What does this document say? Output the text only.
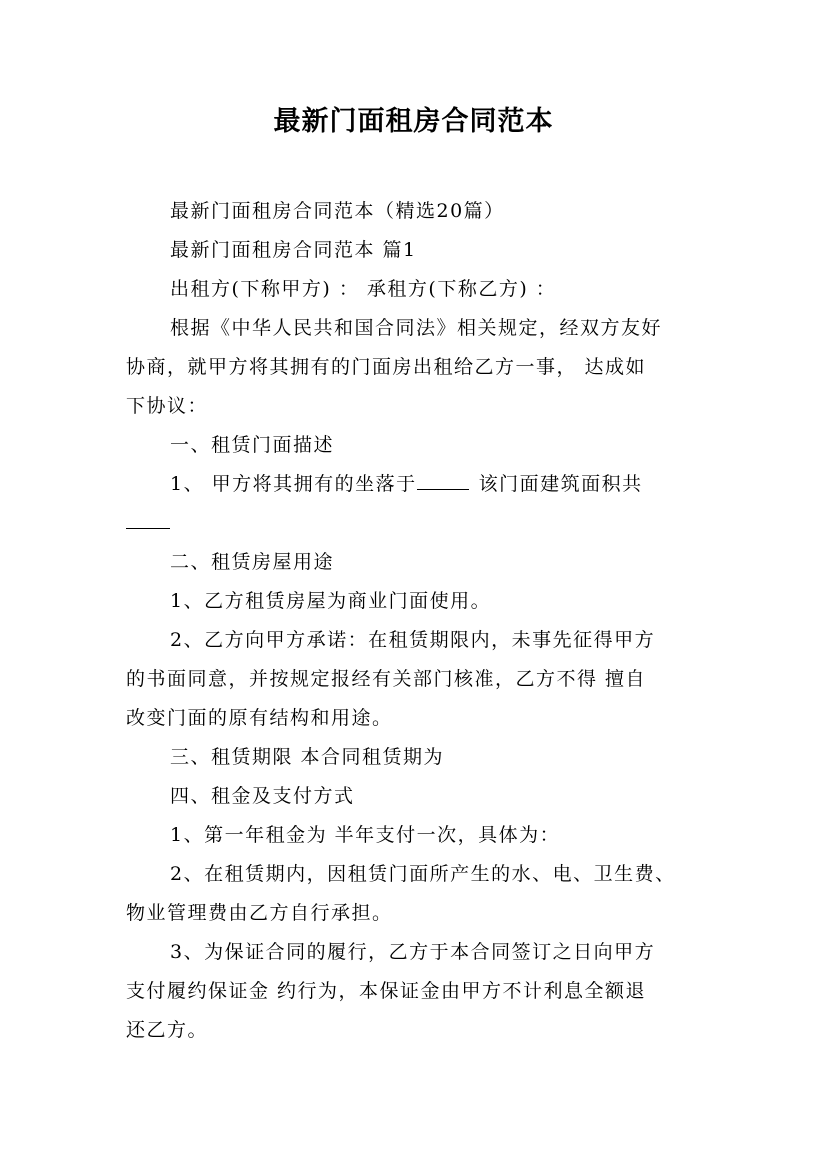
最新门面租房合同范本
最新门面租房合同范本（精选20篇）
最新门面租房合同范本 篇1
出租方(下称甲方) ： 承租方(下称乙方) ：
根据《中华人民共和国合同法》相关规定，经双方友好
协商，就甲方将其拥有的门面房出租给乙方一事， 达成如
下协议：
一、租赁门面描述
1、 甲方将其拥有的坐落于	该门面建筑面积共
二、租赁房屋用途
1、乙方租赁房屋为商业门面使用。
2、乙方向甲方承诺：在租赁期限内，未事先征得甲方
的书面同意，并按规定报经有关部门核准，乙方不得 擅自
改变门面的原有结构和用途。
三、租赁期限 本合同租赁期为
四、租金及支付方式
1、第一年租金为 半年支付一次，具体为：
2、在租赁期内，因租赁门面所产生的水、电、卫生费、
物业管理费由乙方自行承担。
3、为保证合同的履行，乙方于本合同签订之日向甲方
支付履约保证金 约行为，本保证金由甲方不计利息全额退
还乙方。
